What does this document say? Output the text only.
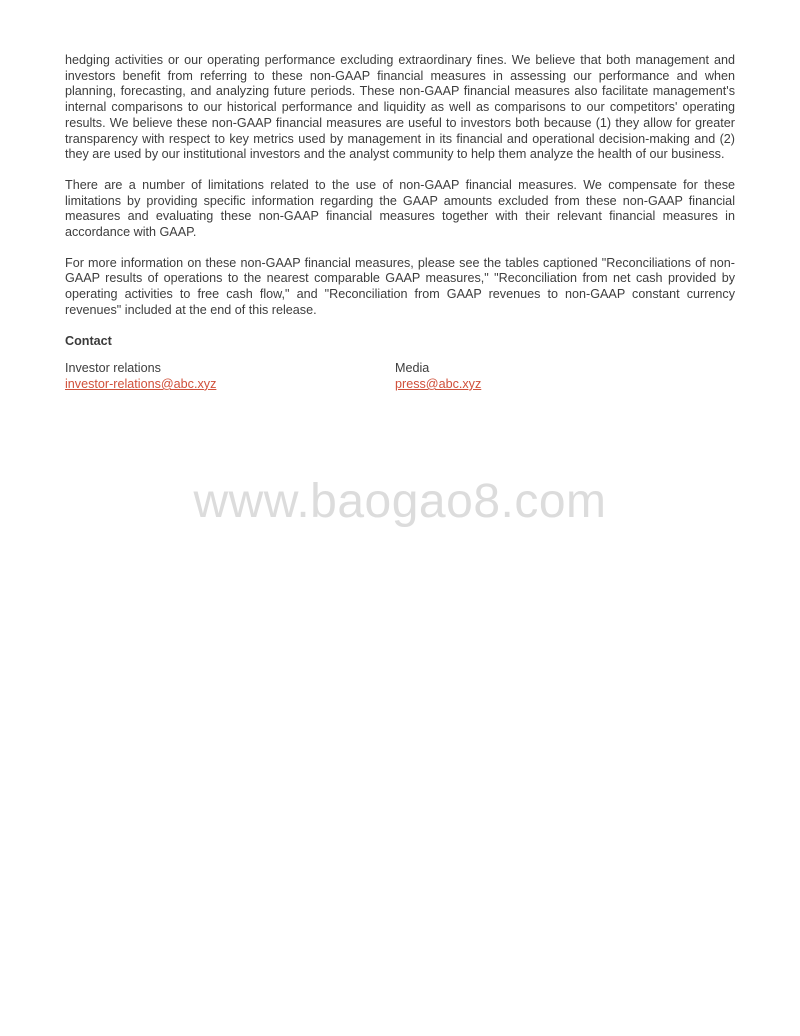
hedging activities or our operating performance excluding extraordinary fines. We believe that both management and investors benefit from referring to these non-GAAP financial measures in assessing our performance and when planning, forecasting, and analyzing future periods. These non-GAAP financial measures also facilitate management's internal comparisons to our historical performance and liquidity as well as comparisons to our competitors' operating results. We believe these non-GAAP financial measures are useful to investors both because (1) they allow for greater transparency with respect to key metrics used by management in its financial and operational decision-making and (2) they are used by our institutional investors and the analyst community to help them analyze the health of our business.

There are a number of limitations related to the use of non-GAAP financial measures. We compensate for these limitations by providing specific information regarding the GAAP amounts excluded from these non-GAAP financial measures and evaluating these non-GAAP financial measures together with their relevant financial measures in accordance with GAAP.

For more information on these non-GAAP financial measures, please see the tables captioned "Reconciliations of non-GAAP results of operations to the nearest comparable GAAP measures," "Reconciliation from net cash provided by operating activities to free cash flow," and "Reconciliation from GAAP revenues to non-GAAP constant currency revenues" included at the end of this release.

Contact
Investor relations
investor-relations@abc.xyz
Media
press@abc.xyz
www.baogao8.com
